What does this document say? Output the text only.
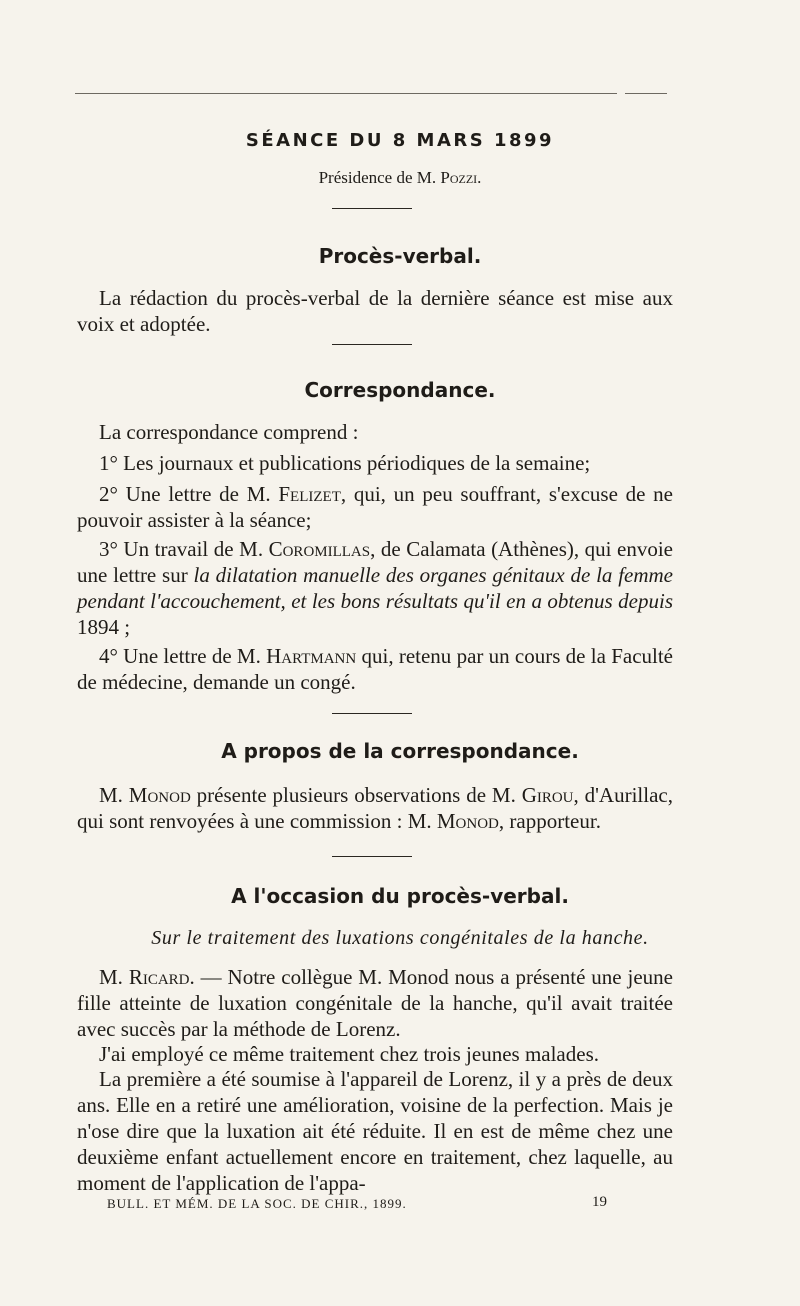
SÉANCE DU 8 MARS 1899
Présidence de M. Pozzi.
Procès-verbal.

La rédaction du procès-verbal de la dernière séance est mise aux voix et adoptée.

Correspondance.

La correspondance comprend :

1° Les journaux et publications périodiques de la semaine;

2° Une lettre de M. Felizet, qui, un peu souffrant, s'excuse de ne pouvoir assister à la séance;

3° Un travail de M. Coromillas, de Calamata (Athènes), qui envoie une lettre sur la dilatation manuelle des organes génitaux de la femme pendant l'accouchement, et les bons résultats qu'il en a obtenus depuis 1894 ;

4° Une lettre de M. Hartmann qui, retenu par un cours de la Faculté de médecine, demande un congé.

A propos de la correspondance.

M. Monod présente plusieurs observations de M. Girou, d'Aurillac, qui sont renvoyées à une commission : M. Monod, rapporteur.

A l'occasion du procès-verbal.
Sur le traitement des luxations congénitales de la hanche.

M. Ricard. — Notre collègue M. Monod nous a présenté une jeune fille atteinte de luxation congénitale de la hanche, qu'il avait traitée avec succès par la méthode de Lorenz.

J'ai employé ce même traitement chez trois jeunes malades.

La première a été soumise à l'appareil de Lorenz, il y a près de deux ans. Elle en a retiré une amélioration, voisine de la perfection. Mais je n'ose dire que la luxation ait été réduite. Il en est de même chez une deuxième enfant actuellement encore en traitement, chez laquelle, au moment de l'application de l'appa-

BULL. ET MÉM. DE LA SOC. DE CHIR., 1899.	19
